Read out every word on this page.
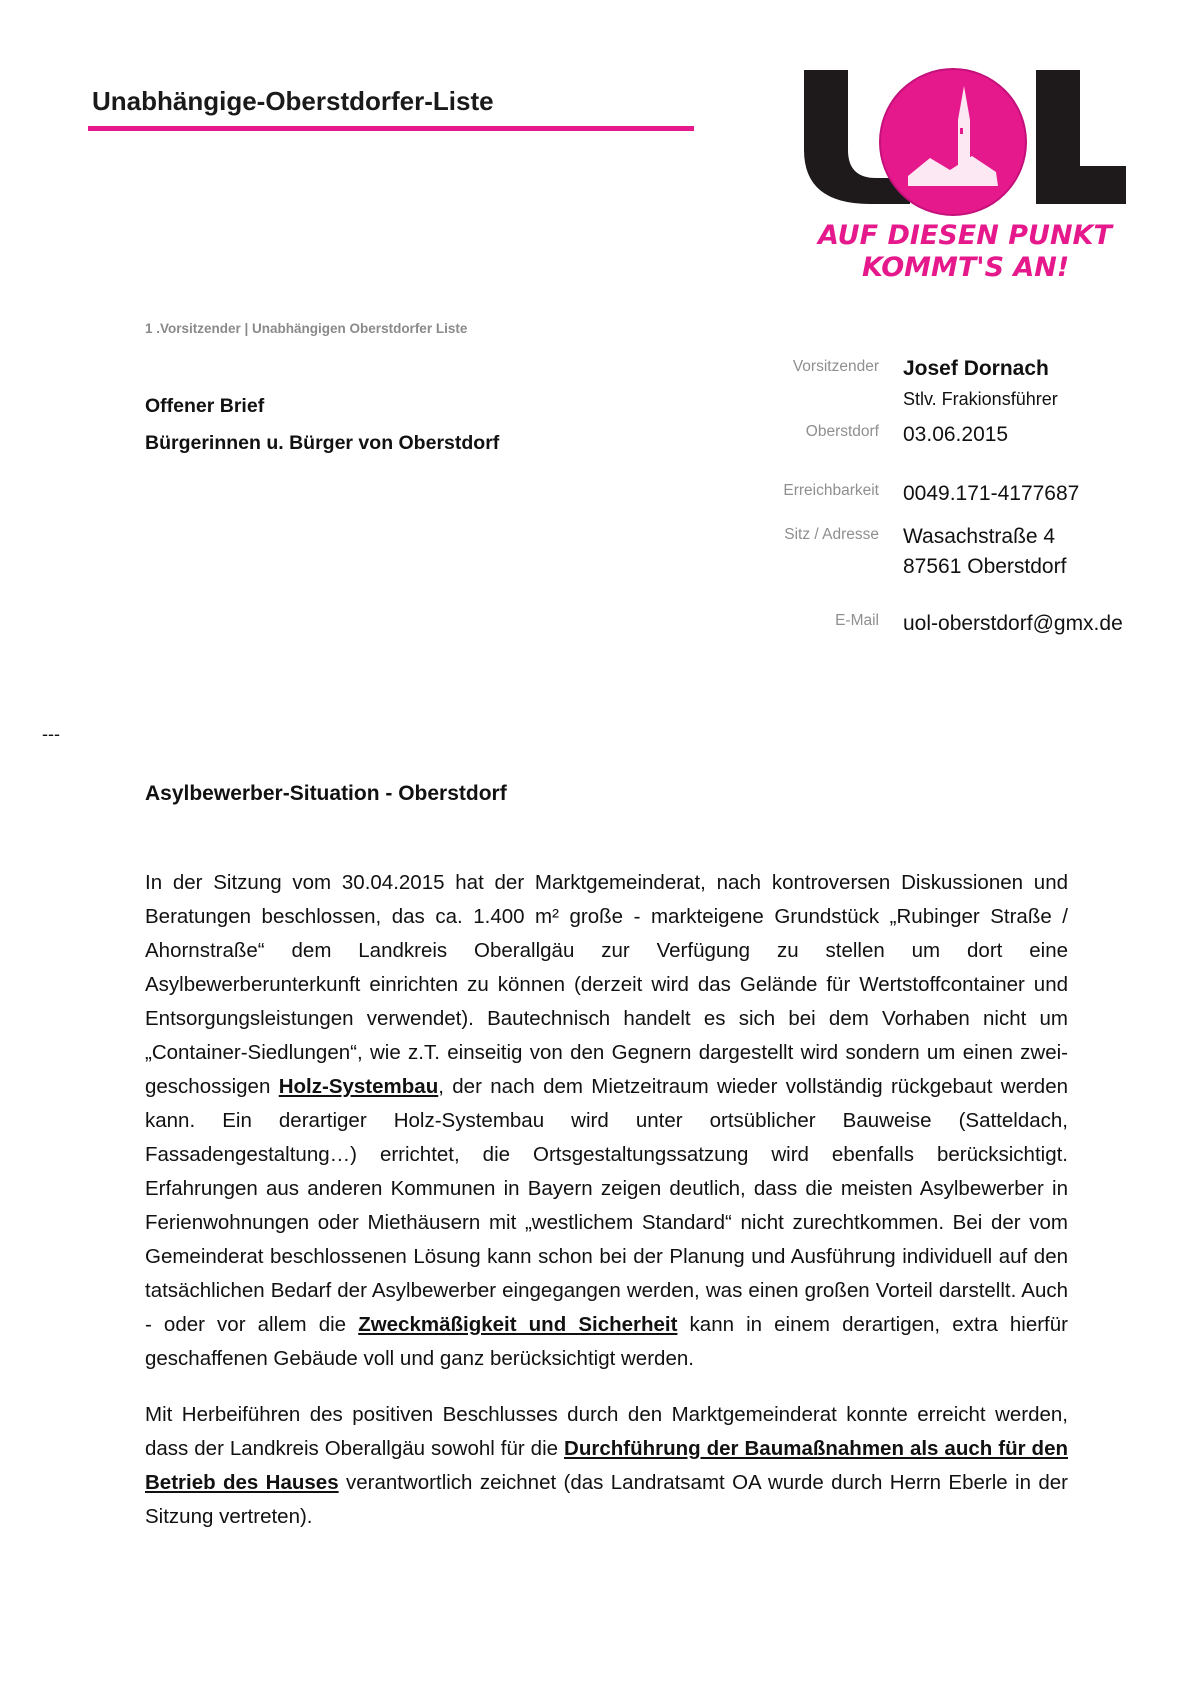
Unabhängige-Oberstdorfer-Liste
AUF DIESEN PUNKT
KOMMT'S AN!
1 .Vorsitzender | Unabhängigen Oberstdorfer Liste
Offener Brief
Bürgerinnen u. Bürger von Oberstdorf
Vorsitzender Josef Dornach
Stlv. Frakionsführer
Oberstdorf 03.06.2015
Erreichbarkeit 0049.171-4177687
Sitz / Adresse Wasachstraße 4
87561 Oberstdorf
E-Mail uol-oberstdorf@gmx.de
---
Asylbewerber-Situation - Oberstdorf

In der Sitzung vom 30.04.2015 hat der Marktgemeinderat, nach kontroversen Diskussionen und Beratungen beschlossen, das ca. 1.400 m² große - markteigene Grundstück „Rubinger Straße / Ahornstraße“ dem Landkreis Oberallgäu zur Verfügung zu stellen um dort eine Asylbewerberunterkunft einrichten zu können (derzeit wird das Gelände für Wertstoffcontainer und Entsorgungsleistungen verwendet). Bautechnisch handelt es sich bei dem Vorhaben nicht um „Container-Siedlungen“, wie z.T. einseitig von den Gegnern dargestellt wird sondern um einen zwei-geschossigen Holz-Systembau, der nach dem Mietzeitraum wieder vollständig rückgebaut werden kann. Ein derartiger Holz-Systembau wird unter ortsüblicher Bauweise (Satteldach, Fassadengestaltung…) errichtet, die Ortsgestaltungssatzung wird ebenfalls berücksichtigt. Erfahrungen aus anderen Kommunen in Bayern zeigen deutlich, dass die meisten Asylbewerber in Ferienwohnungen oder Miethäusern mit „westlichem Standard“ nicht zurechtkommen. Bei der vom Gemeinderat beschlossenen Lösung kann schon bei der Planung und Ausführung individuell auf den tatsächlichen Bedarf der Asylbewerber eingegangen werden, was einen großen Vorteil darstellt. Auch - oder vor allem die Zweckmäßigkeit und Sicherheit kann in einem derartigen, extra hierfür geschaffenen Gebäude voll und ganz berücksichtigt werden.

Mit Herbeiführen des positiven Beschlusses durch den Marktgemeinderat konnte erreicht werden, dass der Landkreis Oberallgäu sowohl für die Durchführung der Baumaßnahmen als auch für den Betrieb des Hauses verantwortlich zeichnet (das Landratsamt OA wurde durch Herrn Eberle in der Sitzung vertreten).
